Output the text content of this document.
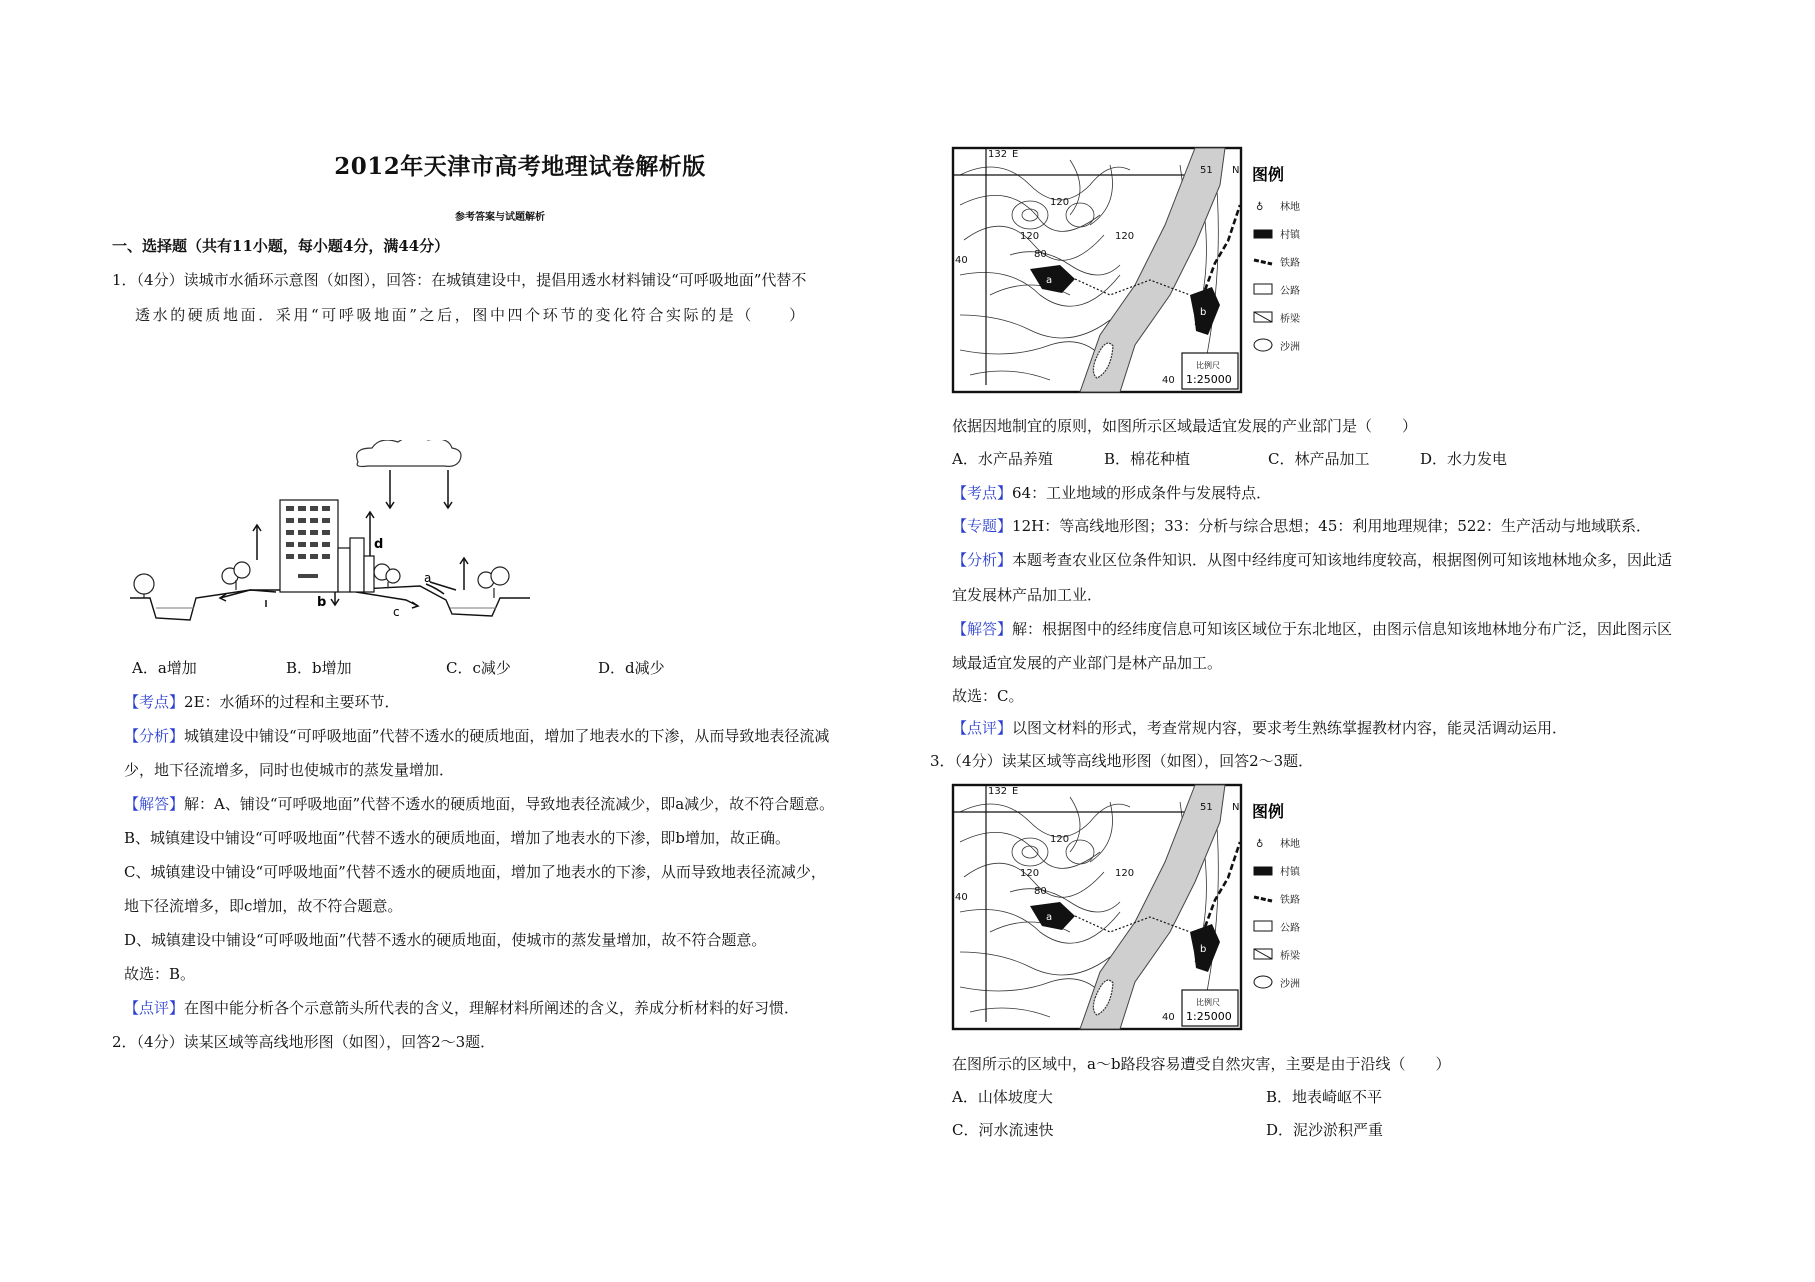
2012年天津市高考地理试卷解析版
参考答案与试题解析
一、选择题（共有11小题，每小题4分，满44分）
1．（4分）读城市水循环示意图（如图），回答：在城镇建设中，提倡用透水材料铺设“可呼吸地面”代替不
透水的硬质地面．采用“可呼吸地面”之后，图中四个环节的变化符合实际的是（　　）
d
a
b
c
A．a增加	B．b增加	C．c减少	D．d减少
【 考点 】 2E：水循环的过程和主要环节．
【 分析 】 城镇建设中铺设“可呼吸地面”代替不透水的硬质地面，增加了地表水的下渗，从而导致地表径流减
少，地下径流增多，同时也使城市的蒸发量增加．
【 解答 】 解：A、铺设“可呼吸地面”代替不透水的硬质地面，导致地表径流减少，即a减少，故不符合题意。
B、城镇建设中铺设“可呼吸地面”代替不透水的硬质地面，增加了地表水的下渗，即b增加，故正确。
C、城镇建设中铺设“可呼吸地面”代替不透水的硬质地面，增加了地表水的下渗，从而导致地表径流减少，
地下径流增多，即c增加，故不符合题意。
D、城镇建设中铺设“可呼吸地面”代替不透水的硬质地面，使城市的蒸发量增加，故不符合题意。
故选：B。
【 点评 】 在图中能分析各个示意箭头所代表的含义，理解材料所阐述的含义，养成分析材料的好习惯．
2．（4分）读某区域等高线地形图（如图），回答2～3题．
132 E
51 N
120
120	120
80
40
40
a
b
比例尺
1:25000
图例
♁ 林地
村镇
铁路
公路
桥梁
沙洲
依据因地制宜的原则，如图所示区域最适宜发展的产业部门是（　　）
A．水产品养殖	B．棉花种植	C．林产品加工	D．水力发电
【 考点 】 64：工业地域的形成条件与发展特点．
【 专题 】 12H：等高线地形图；33：分析与综合思想；45：利用地理规律；522：生产活动与地域联系．
【 分析 】 本题考查农业区位条件知识．从图中经纬度可知该地纬度较高，根据图例可知该地林地众多，因此适
宜发展林产品加工业．
【 解答 】 解：根据图中的经纬度信息可知该区域位于东北地区，由图示信息知该地林地分布广泛，因此图示区
域最适宜发展的产业部门是林产品加工。
故选：C。
【 点评 】 以图文材料的形式，考查常规内容，要求考生熟练掌握教材内容，能灵活调动运用．
3．（4分）读某区域等高线地形图（如图），回答2～3题．
132 E
51 N
120
120	120
80
40
40
a
b
比例尺
1:25000
图例
♁ 林地
村镇
铁路
公路
桥梁
沙洲
在图所示的区域中，a～b路段容易遭受自然灾害，主要是由于沿线（　　）
A．山体坡度大	B．地表崎岖不平
C．河水流速快	D．泥沙淤积严重
